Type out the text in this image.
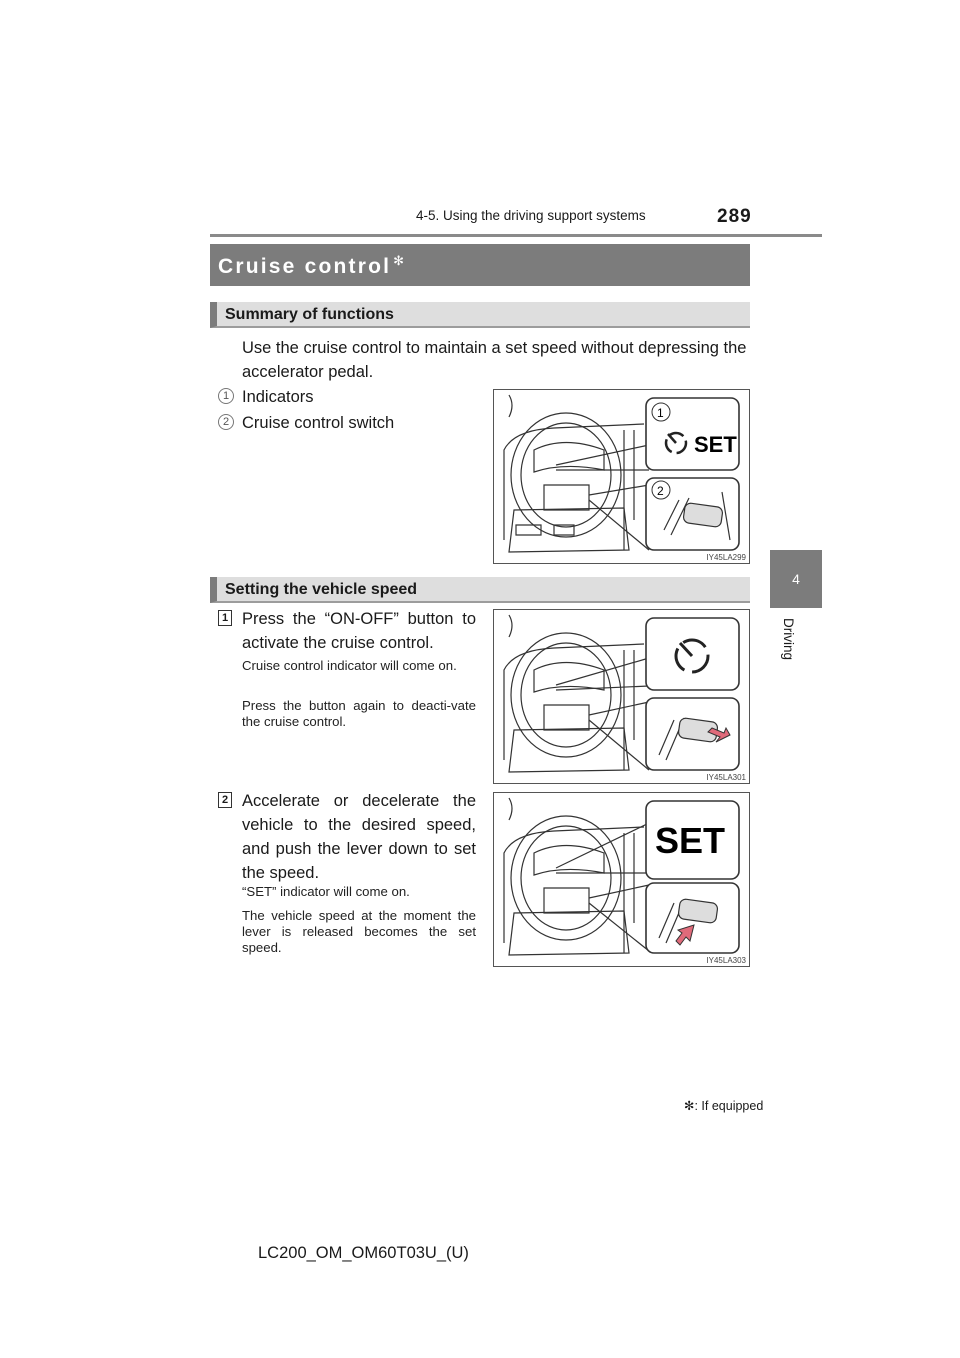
4-5. Using the driving support systems	289
4
Driving
Cruise control ✻
Summary of functions
Use the cruise control to maintain a set speed without depressing the accelerator pedal.
1 Indicators
2 Cruise control switch
1
SET
2
IY45LA299
Setting the vehicle speed
1 Press the “ON-OFF” button to activate the cruise control.
Cruise control indicator will come on.
Press the button again to deacti-vate the cruise control.
IY45LA301
2 Accelerate or decelerate the vehicle to the desired speed, and push the lever down to set the speed.
“SET” indicator will come on.
The vehicle speed at the moment the lever is released becomes the set speed.
SET
IY45LA303
✻: If equipped
LC200_OM_OM60T03U_(U)
